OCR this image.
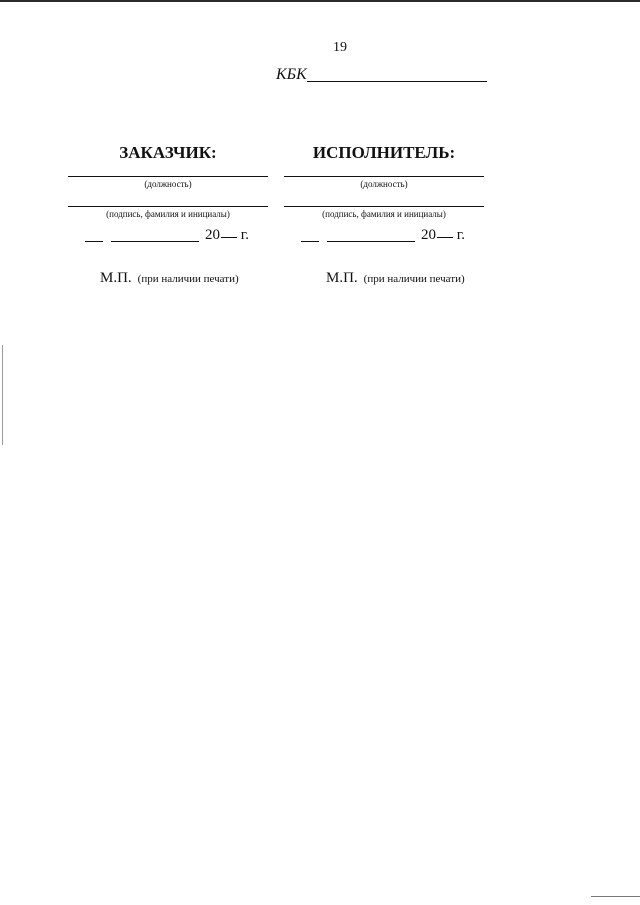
19
КБК
ЗАКАЗЧИК:
(должность)
(подпись, фамилия и инициалы)
20 г.
М.П. (при наличии печати)
ИСПОЛНИТЕЛЬ:
(должность)
(подпись, фамилия и инициалы)
20 г.
М.П. (при наличии печати)
